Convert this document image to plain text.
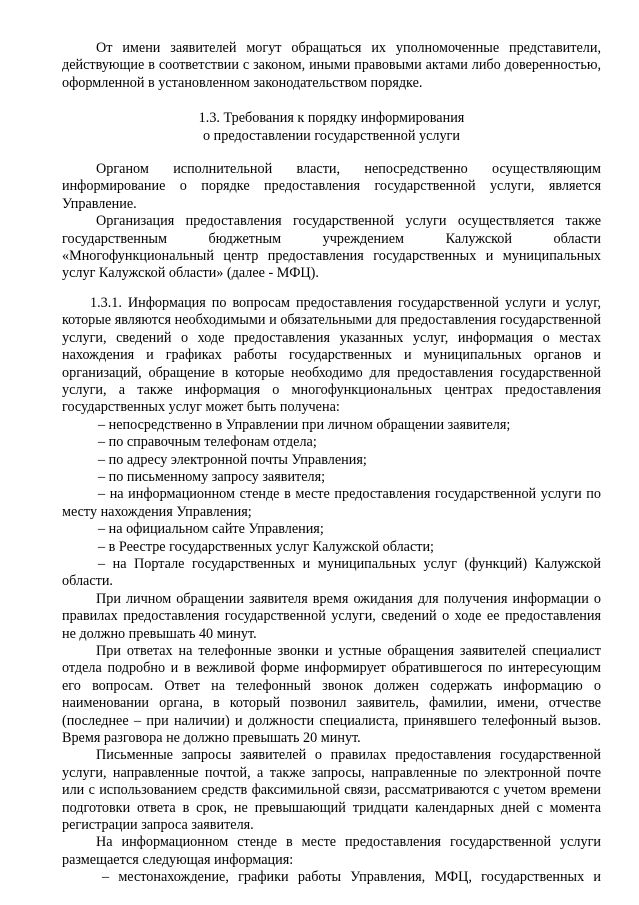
От имени заявителей могут обращаться их уполномоченные представители, действующие в соответствии с законом, иными правовыми актами либо доверенностью, оформленной в установленном законодательством порядке.

1.3. Требования к порядку информирования
о предоставлении государственной услуги

Органом исполнительной власти, непосредственно осуществляющим информирование о порядке предоставления государственной услуги, является Управление.

Организация предоставления государственной услуги осуществляется также государственным бюджетным учреждением Калужской области «Многофункциональный центр предоставления государственных и муниципальных услуг Калужской области» (далее - МФЦ).

1.3.1. Информация по вопросам предоставления государственной услуги и услуг, которые являются необходимыми и обязательными для предоставления государственной услуги, сведений о ходе предоставления указанных услуг, информация о местах нахождения и графиках работы государственных и муниципальных органов и организаций, обращение в которые необходимо для предоставления государственной услуги, а также информация о многофункциональных центрах предоставления государственных услуг может быть получена:

– непосредственно в Управлении при личном обращении заявителя;

– по справочным телефонам отдела;

– по адресу электронной почты Управления;

– по письменному запросу заявителя;

– на информационном стенде в месте предоставления государственной услуги по месту нахождения Управления;

– на официальном сайте Управления;

– в Реестре государственных услуг Калужской области;

– на Портале государственных и муниципальных услуг (функций) Калужской области.

При личном обращении заявителя время ожидания для получения информации о правилах предоставления государственной услуги, сведений о ходе ее предоставления не должно превышать 40 минут.

При ответах на телефонные звонки и устные обращения заявителей специалист отдела подробно и в вежливой форме информирует обратившегося по интересующим его вопросам. Ответ на телефонный звонок должен содержать информацию о наименовании органа, в который позвонил заявитель, фамилии, имени, отчестве (последнее – при наличии) и должности специалиста, принявшего телефонный вызов. Время разговора не должно превышать 20 минут.

Письменные запросы заявителей о правилах предоставления государственной услуги, направленные почтой, а также запросы, направленные по электронной почте или с использованием средств факсимильной связи, рассматриваются с учетом времени подготовки ответа в срок, не превышающий тридцати календарных дней с момента регистрации запроса заявителя.

На информационном стенде в месте предоставления государственной услуги размещается следующая информация:

– местонахождение, графики работы Управления, МФЦ, государственных и
